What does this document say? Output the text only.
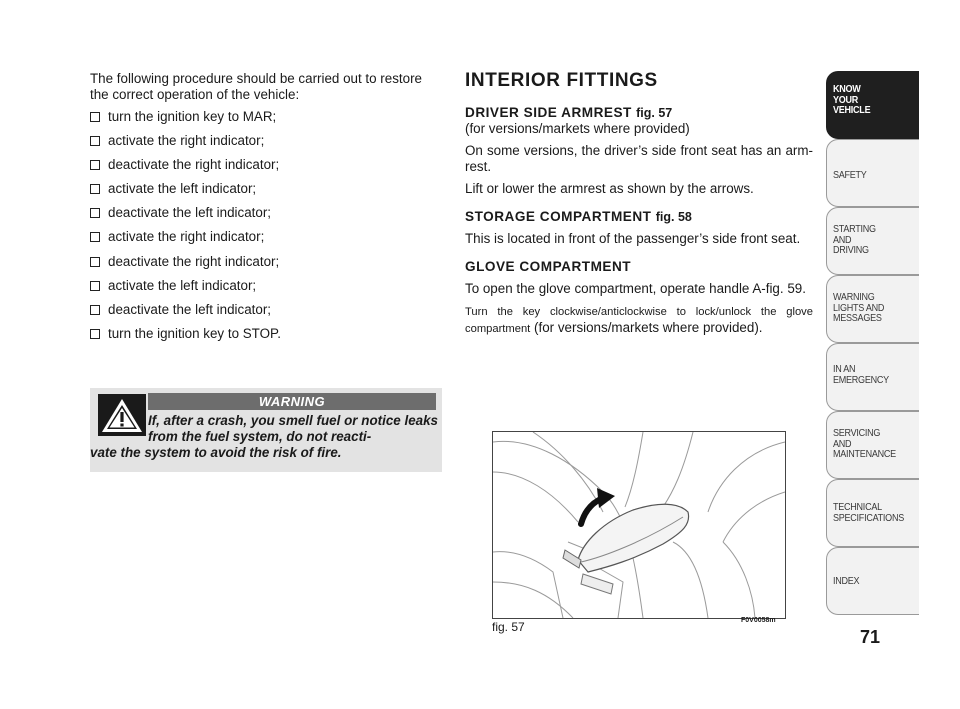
The following procedure should be carried out to restore the correct operation of the vehicle:

turn the ignition key to MAR;
activate the right indicator;
deactivate the right indicator;
activate the left indicator;
deactivate the left indicator;
activate the right indicator;
deactivate the right indicator;
activate the left indicator;
deactivate the left indicator;
turn the ignition key to STOP.
WARNING
If, after a crash, you smell fuel or notice leaks from the fuel system, do not reacti-
vate the system to avoid the risk of fire.
INTERIOR FITTINGS

DRIVER SIDE ARMREST fig. 57

(for versions/markets where provided)

On some versions, the driver’s side front seat has an arm-rest.

Lift or lower the armrest as shown by the arrows.

STORAGE COMPARTMENT fig. 58

This is located in front of the passenger’s side front seat.

GLOVE COMPARTMENT

To open the glove compartment, operate handle A-fig. 59.

Turn the key clockwise/anticlockwise to lock/unlock the glove compartment (for versions/markets where provided).

fig. 57	F0V0058m
KNOW
YOUR
VEHICLE
SAFETY
STARTING
AND
DRIVING
WARNING
LIGHTS AND
MESSAGES
IN AN
EMERGENCY
SERVICING
AND
MAINTENANCE
TECHNICAL
SPECIFICATIONS
INDEX
71
